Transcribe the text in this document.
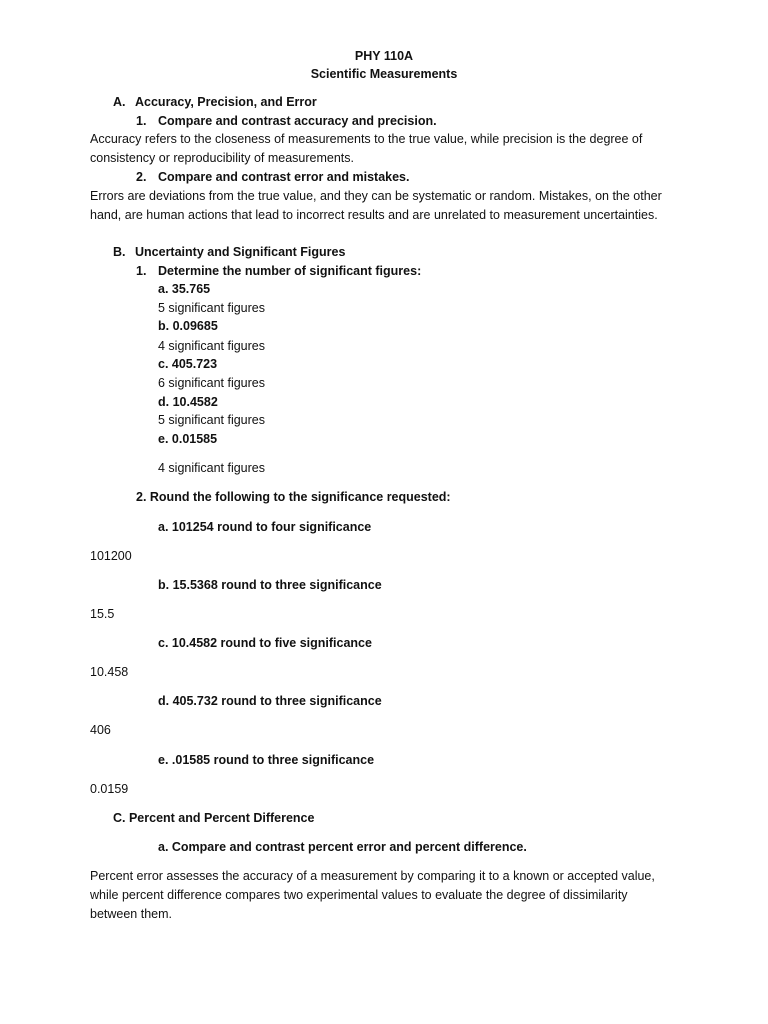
PHY 110A
Scientific Measurements
A. Accuracy, Precision, and Error
1. Compare and contrast accuracy and precision.
Accuracy refers to the closeness of measurements to the true value, while precision is the degree of
consistency or reproducibility of measurements.
2. Compare and contrast error and mistakes.
Errors are deviations from the true value, and they can be systematic or random. Mistakes, on the other
hand, are human actions that lead to incorrect results and are unrelated to measurement uncertainties.
B. Uncertainty and Significant Figures
1. Determine the number of significant figures:
a. 35.765
5 significant figures
b. 0.09685
4 significant figures
c. 405.723
6 significant figures
d. 10.4582
5 significant figures
e. 0.01585
4 significant figures
2. Round the following to the significance requested:
a. 101254 round to four significance
101200
b. 15.5368 round to three significance
15.5
c. 10.4582 round to five significance
10.458
d. 405.732 round to three significance
406
e. .01585 round to three significance
0.0159
C. Percent and Percent Difference
a. Compare and contrast percent error and percent difference.
Percent error assesses the accuracy of a measurement by comparing it to a known or accepted value,
while percent difference compares two experimental values to evaluate the degree of dissimilarity
between them.
